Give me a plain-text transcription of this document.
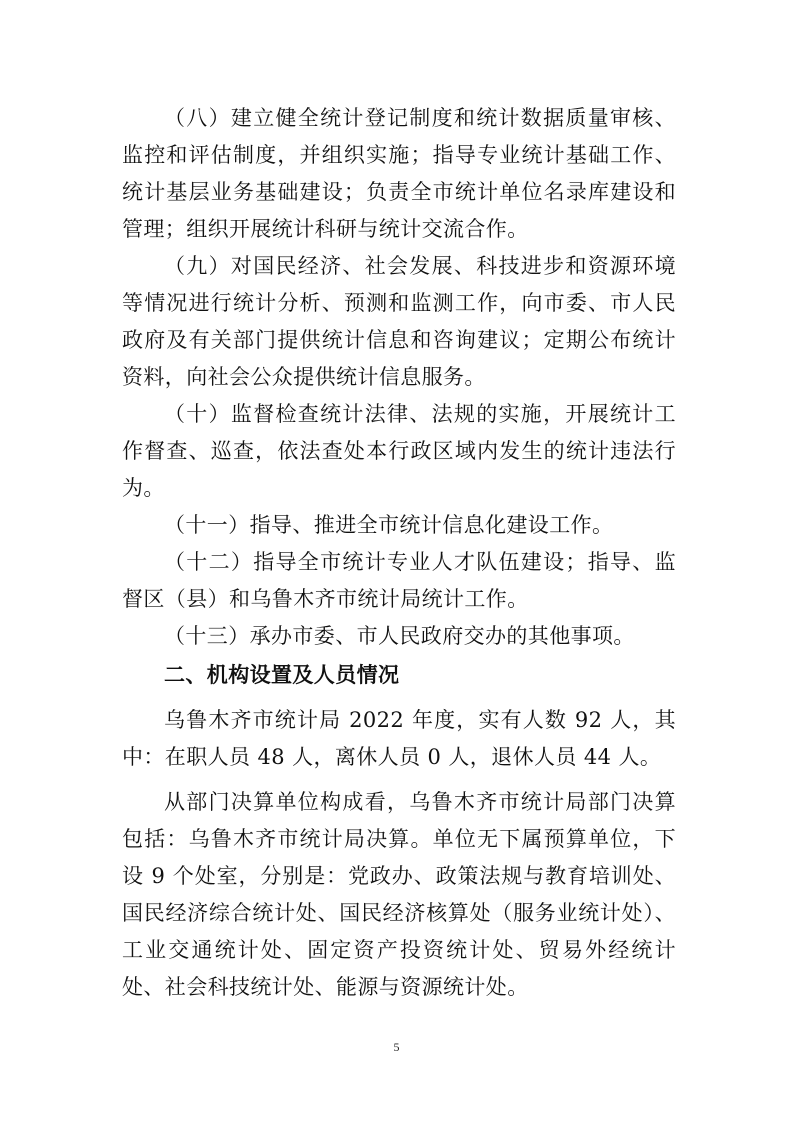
（八）建立健全统计登记制度和统计数据质量审核、监控和评估制度，并组织实施；指导专业统计基础工作、统计基层业务基础建设；负责全市统计单位名录库建设和管理；组织开展统计科研与统计交流合作。

（九）对国民经济、社会发展、科技进步和资源环境等情况进行统计分析、预测和监测工作，向市委、市人民政府及有关部门提供统计信息和咨询建议；定期公布统计资料，向社会公众提供统计信息服务。

（十）监督检查统计法律、法规的实施，开展统计工作督查、巡查，依法查处本行政区域内发生的统计违法行为。

（十一）指导、推进全市统计信息化建设工作。

（十二）指导全市统计专业人才队伍建设；指导、监督区（县）和乌鲁木齐市统计局统计工作。

（十三）承办市委、市人民政府交办的其他事项。

二、机构设置及人员情况

乌鲁木齐市统计局 2022 年度，实有人数 92 人，其中：在职人员 48 人，离休人员 0 人，退休人员 44 人。

从部门决算单位构成看，乌鲁木齐市统计局部门决算包括：乌鲁木齐市统计局决算。单位无下属预算单位，下设 9 个处室，分别是：党政办、政策法规与教育培训处、国民经济综合统计处、国民经济核算处（服务业统计处）、工业交通统计处、固定资产投资统计处、贸易外经统计处、社会科技统计处、能源与资源统计处。

5
